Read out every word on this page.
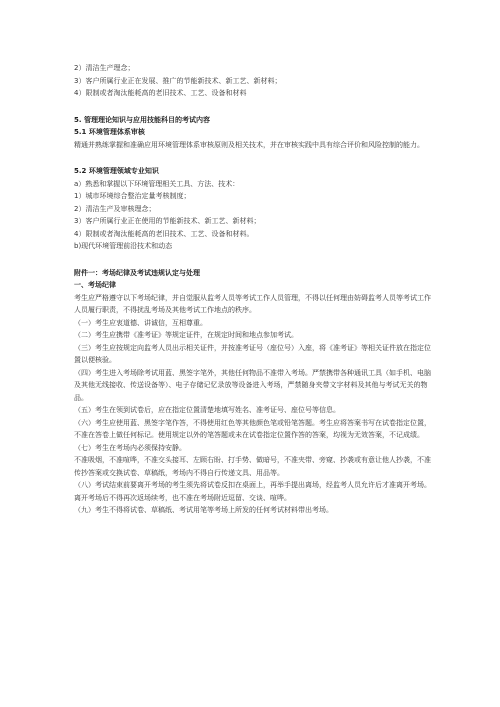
2）清洁生产理念；
3）客户所属行业正在发展、推广的节能新技术、新工艺、新材料；
4）限制或者淘汰能耗高的老旧技术、工艺、设备和材料
5. 管理理论知识与应用技能科目的考试内容
5.1 环境管理体系审核
精通并熟练掌握和准确应用环境管理体系审核原则及相关技术，并在审核实践中具有综合评价和风险控制的能力。
5.2 环境管理领域专业知识
a）熟悉和掌握以下环境管理相关工具、方法、技术：
1）城市环境综合整治定量考核制度；
2）清洁生产及审核理念；
3）客户所属行业正在使用的节能新技术、新工艺、新材料；
4）限制或者淘汰能耗高的老旧技术、工艺、设备和材料。
b)现代环境管理前沿技术和动态
附件一：考场纪律及考试违规认定与处理
一、考场纪律
考生应严格遵守以下考场纪律，并自觉服从监考人员等考试工作人员管理，不得以任何理由妨碍监考人员等考试工作人员履行职责，不得扰乱考场及其他考试工作地点的秩序。
（一）考生应衷道德、讲诚信，互相尊重。
（二）考生应携带《准考证》等规定证件，在规定时间和地点参加考试。
（三）考生应按规定向监考人员出示相关证件，并按准考证号（座位号）入座，将《准考证》等相关证件放在指定位置以便核验。
（四）考生进入考场除考试用蓝、黑签字笔外，其他任何物品不准带入考场。严禁携带各种通讯工具（如手机、电脑及其他无线接收、传送设备等）、电子存储记忆录放等设备进入考场，严禁随身夹带文字材料及其他与考试无关的物品。
（五）考生在领到试卷后，应在指定位置清楚地填写姓名、准考证号、座位号等信息。
（六）考生应使用蓝、黑签字笔作答，不得使用红色等其他颜色笔或铅笔答题。考生应将答案书写在试卷指定位置，不准在答卷上做任何标记。使用规定以外的笔答题或未在试卷指定位置作答的答案，均视为无效答案，不记成绩。
（七）考生在考场内必须保持安静。
不准吸烟，不准喧哗，不准交头接耳、左顾右盼、打手势、做暗号，不准夹带、旁窥、抄袭或有意让他人抄袭，不准传抄答案或交换试卷、草稿纸，考场内不得自行传递文具、用品等。
（八）考试结束前要离开考场的考生须先将试卷反扣在桌面上，再举手提出离场，经监考人员允许后才准离开考场。离开考场后不得再次返场续考，也不准在考场附近逗留、交谈、喧哗。
（九）考生不得将试卷、草稿纸、考试用笔等考场上所发的任何考试材料带出考场。
